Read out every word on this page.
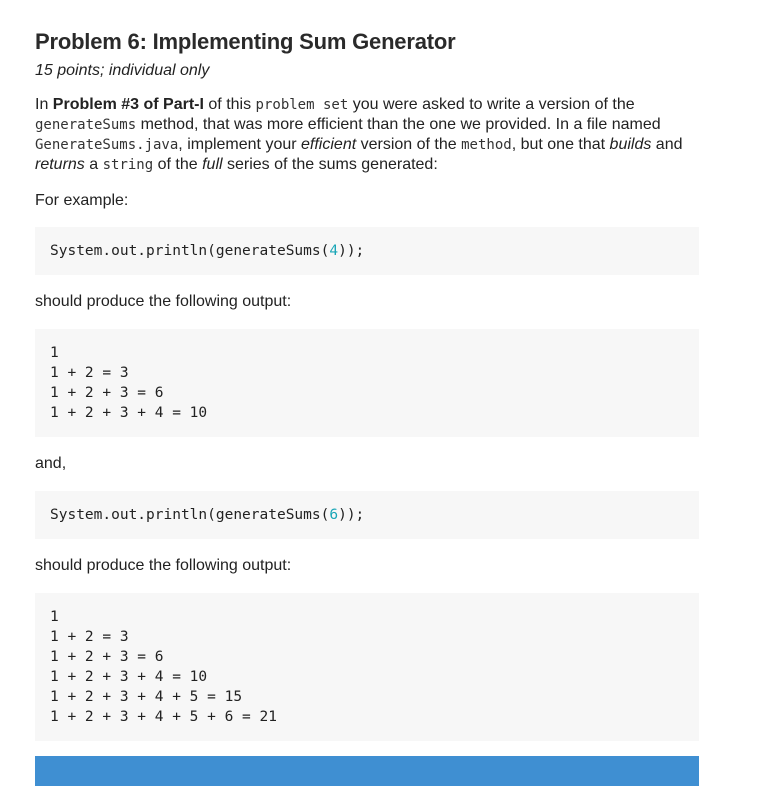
Problem 6: Implementing Sum Generator

15 points; individual only

In Problem #3 of Part-I of this problem set you were asked to write a version of the generateSums method, that was more efficient than the one we provided. In a file named GenerateSums.java, implement your efficient version of the method, but one that builds and returns a string of the full series of the sums generated:

For example:

System.out.println(generateSums(4));

should produce the following output:

1
1 + 2 = 3
1 + 2 + 3 = 6
1 + 2 + 3 + 4 = 10

and,

System.out.println(generateSums(6));

should produce the following output:

1
1 + 2 = 3
1 + 2 + 3 = 6
1 + 2 + 3 + 4 = 10
1 + 2 + 3 + 4 + 5 = 15
1 + 2 + 3 + 4 + 5 + 6 = 21
